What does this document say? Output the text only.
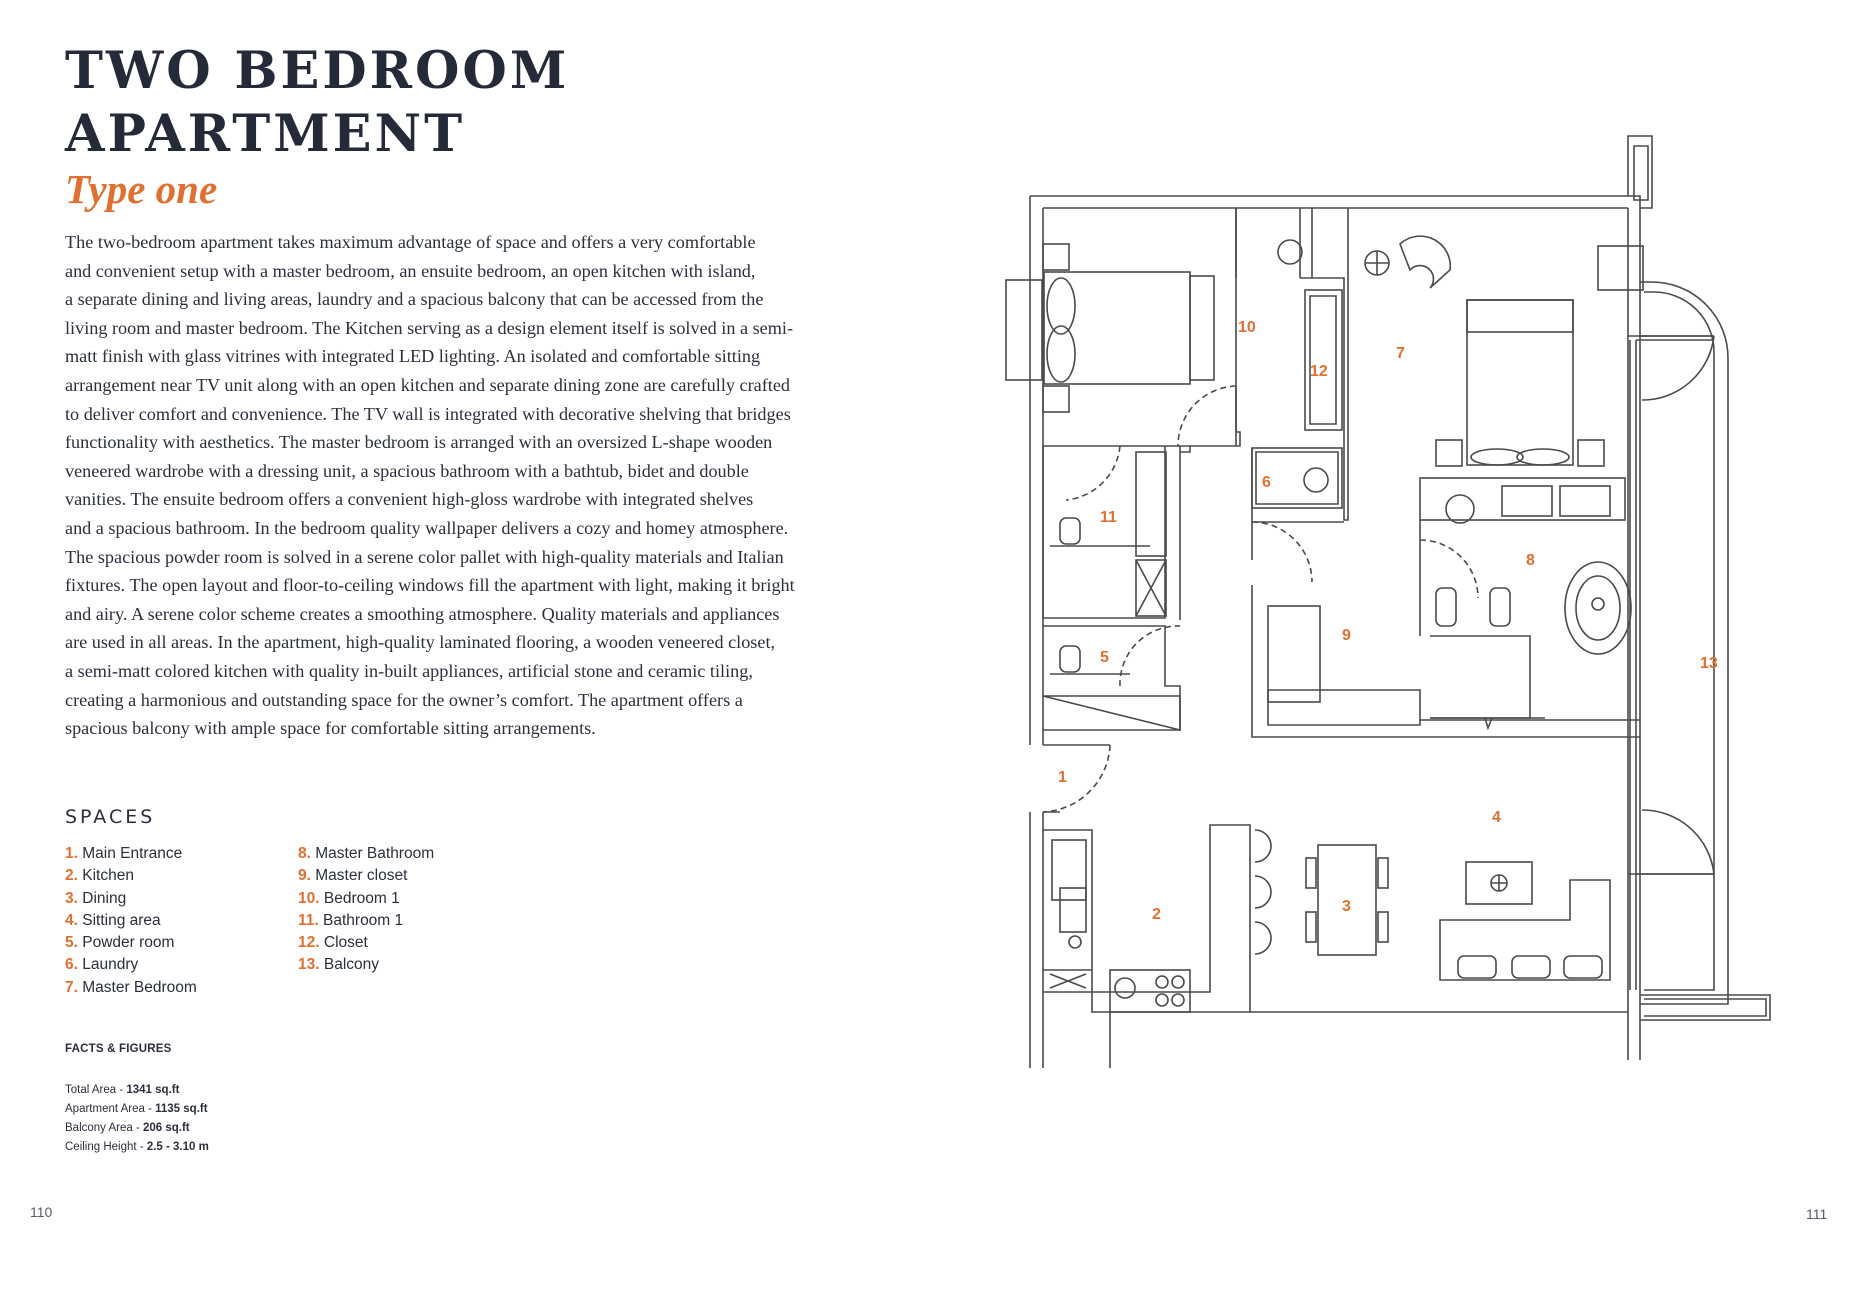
TWO BEDROOM
APARTMENT
Type one

The two-bedroom apartment takes maximum advantage of space and offers a very comfortable
and convenient setup with a master bedroom, an ensuite bedroom, an open kitchen with island,
a separate dining and living areas, laundry and a spacious balcony that can be accessed from the
living room and master bedroom. The Kitchen serving as a design element itself is solved in a semi-
matt finish with glass vitrines with integrated LED lighting. An isolated and comfortable sitting
arrangement near TV unit along with an open kitchen and separate dining zone are carefully crafted
to deliver comfort and convenience. The TV wall is integrated with decorative shelving that bridges
functionality with aesthetics. The master bedroom is arranged with an oversized L-shape wooden
veneered wardrobe with a dressing unit, a spacious bathroom with a bathtub, bidet and double
vanities. The ensuite bedroom offers a convenient high-gloss wardrobe with integrated shelves
and a spacious bathroom. In the bedroom quality wallpaper delivers a cozy and homey atmosphere.
The spacious powder room is solved in a serene color pallet with high-quality materials and Italian
fixtures. The open layout and floor-to-ceiling windows fill the apartment with light, making it bright
and airy. A serene color scheme creates a smoothing atmosphere. Quality materials and appliances
are used in all areas. In the apartment, high-quality laminated flooring, a wooden veneered closet,
a semi-matt colored kitchen with quality in-built appliances, artificial stone and ceramic tiling,
creating a harmonious and outstanding space for the owner’s comfort. The apartment offers a
spacious balcony with ample space for comfortable sitting arrangements.

SPACES
1. Main Entrance
2. Kitchen
3. Dining
4. Sitting area
5. Powder room
6. Laundry
7. Master Bedroom
8. Master Bathroom
9. Master closet
10. Bedroom 1
11. Bathroom 1
12. Closet
13. Balcony
FACTS & FIGURES
Total Area - 1341 sq.ft
Apartment Area - 1135 sq.ft
Balcony Area - 206 sq.ft
Ceiling Height - 2.5 - 3.10 m
110	111
1
2	3
4
5
6
7
8
9
10
11
12
13
